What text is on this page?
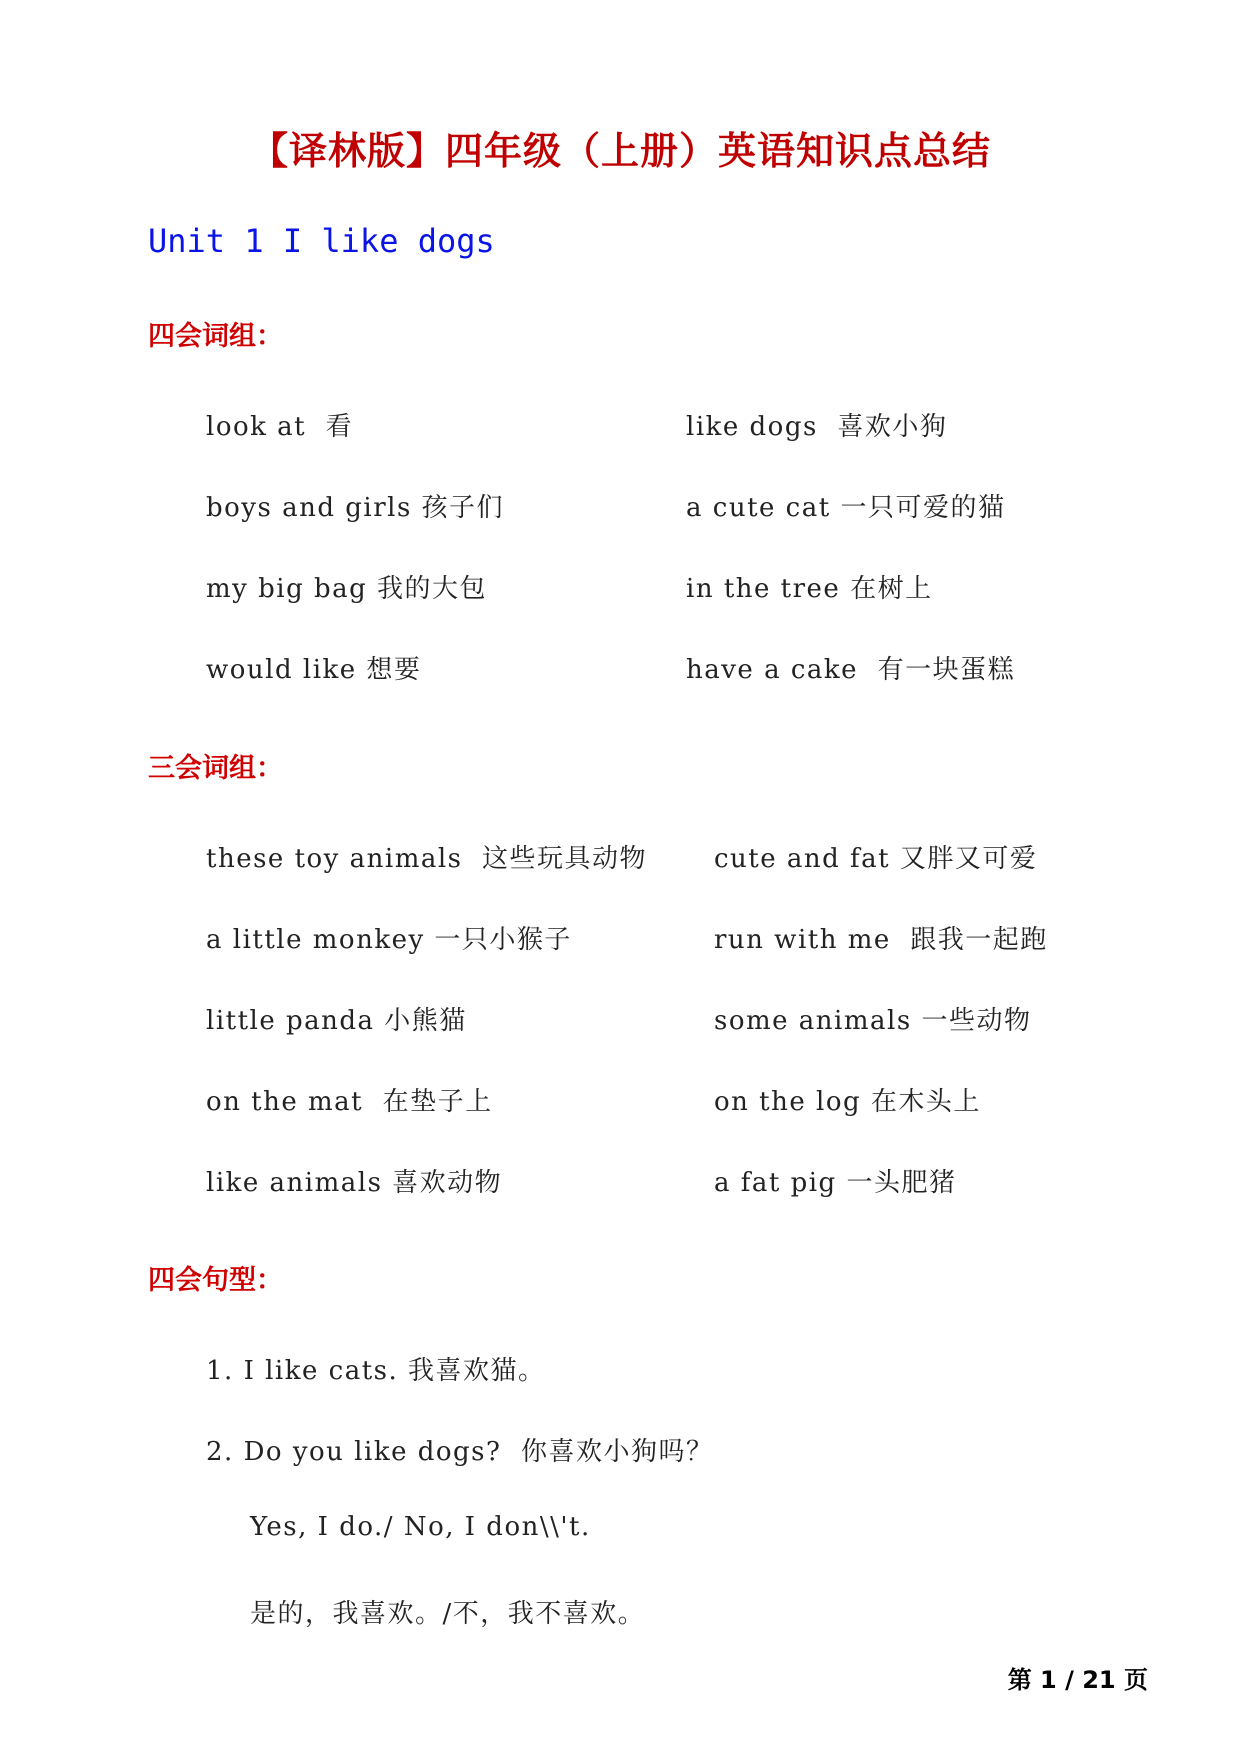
【译林版】四年级（上册）英语知识点总结
Unit 1 I like dogs
四会词组：
look at  看	like dogs  喜欢小狗
boys and girls 孩子们	a cute cat 一只可爱的猫
my big bag 我的大包	in the tree 在树上
would like 想要	have a cake  有一块蛋糕
三会词组：
these toy animals  这些玩具动物	cute and fat 又胖又可爱
a little monkey 一只小猴子	run with me  跟我一起跑
little panda 小熊猫	some animals 一些动物
on the mat  在垫子上	on the log 在木头上
like animals 喜欢动物	a fat pig 一头肥猪
四会句型：
1. I like cats. 我喜欢猫。
2. Do you like dogs?  你喜欢小狗吗？
Yes, I do./ No, I don\\'t.
是的，我喜欢。/不，我不喜欢。
第 1 / 21 页
